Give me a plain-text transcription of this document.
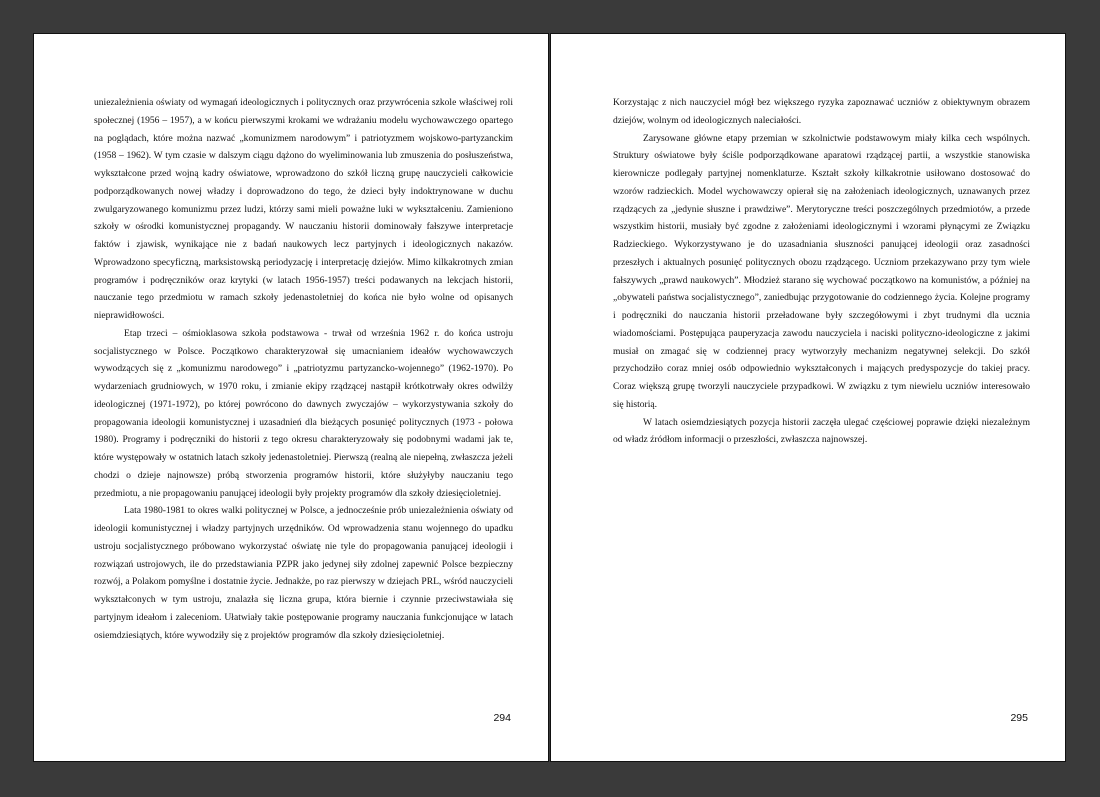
uniezależnienia oświaty od wymagań ideologicznych i politycznych oraz przywrócenia szkole właściwej roli społecznej (1956 – 1957), a w końcu pierwszymi krokami we wdrażaniu modelu wychowawczego opartego na poglądach, które można nazwać „komunizmem narodowym” i patriotyzmem wojskowo-partyzanckim (1958 – 1962). W tym czasie w dalszym ciągu dążono do wyeliminowania lub zmuszenia do posłuszeństwa, wykształcone przed wojną kadry oświatowe, wprowadzono do szkół liczną grupę nauczycieli całkowicie podporządkowanych nowej władzy i doprowadzono do tego, że dzieci były indoktrynowane w duchu zwulgaryzowanego komunizmu przez ludzi, którzy sami mieli poważne luki w wykształceniu. Zamieniono szkoły w ośrodki komunistycznej propagandy. W nauczaniu historii dominowały fałszywe interpretacje faktów i zjawisk, wynikające nie z badań naukowych lecz partyjnych i ideologicznych nakazów. Wprowadzono specyficzną, marksistowską periodyzację i interpretację dziejów. Mimo kilkakrotnych zmian programów i podręczników oraz krytyki (w latach 1956-1957) treści podawanych na lekcjach historii, nauczanie tego przedmiotu w ramach szkoły jedenastoletniej do końca nie było wolne od opisanych nieprawidłowości.

Etap trzeci – ośmioklasowa szkoła podstawowa - trwał od września 1962 r. do końca ustroju socjalistycznego w Polsce. Początkowo charakteryzował się umacnianiem ideałów wychowawczych wywodzących się z „komunizmu narodowego” i „patriotyzmu partyzancko-wojennego” (1962-1970). Po wydarzeniach grudniowych, w 1970 roku, i zmianie ekipy rządzącej nastąpił krótkotrwały okres odwilży ideologicznej (1971-1972), po której powrócono do dawnych zwyczajów – wykorzystywania szkoły do propagowania ideologii komunistycznej i uzasadnień dla bieżących posunięć politycznych (1973 - połowa 1980). Programy i podręczniki do historii z tego okresu charakteryzowały się podobnymi wadami jak te, które występowały w ostatnich latach szkoły jedenastoletniej. Pierwszą (realną ale niepełną, zwłaszcza jeżeli chodzi o dzieje najnowsze) próbą stworzenia programów historii, które służyłyby nauczaniu tego przedmiotu, a nie propagowaniu panującej ideologii były projekty programów dla szkoły dziesięcioletniej.

Lata 1980-1981 to okres walki politycznej w Polsce, a jednocześnie prób uniezależnienia oświaty od ideologii komunistycznej i władzy partyjnych urzędników. Od wprowadzenia stanu wojennego do upadku ustroju socjalistycznego próbowano wykorzystać oświatę nie tyle do propagowania panującej ideologii i rozwiązań ustrojowych, ile do przedstawiania PZPR jako jedynej siły zdolnej zapewnić Polsce bezpieczny rozwój, a Polakom pomyślne i dostatnie życie. Jednakże, po raz pierwszy w dziejach PRL, wśród nauczycieli wykształconych w tym ustroju, znalazła się liczna grupa, która biernie i czynnie przeciwstawiała się partyjnym ideałom i zaleceniom. Ułatwiały takie postępowanie programy nauczania funkcjonujące w latach osiemdziesiątych, które wywodziły się z projektów programów dla szkoły dziesięcioletniej.

294

Korzystając z nich nauczyciel mógł bez większego ryzyka zapoznawać uczniów z obiektywnym obrazem dziejów, wolnym od ideologicznych naleciałości.

Zarysowane główne etapy przemian w szkolnictwie podstawowym miały kilka cech wspólnych. Struktury oświatowe były ściśle podporządkowane aparatowi rządzącej partii, a wszystkie stanowiska kierownicze podlegały partyjnej nomenklaturze. Kształt szkoły kilkakrotnie usiłowano dostosować do wzorów radzieckich. Model wychowawczy opierał się na założeniach ideologicznych, uznawanych przez rządzących za „jedynie słuszne i prawdziwe”. Merytoryczne treści poszczególnych przedmiotów, a przede wszystkim historii, musiały być zgodne z założeniami ideologicznymi i wzorami płynącymi ze Związku Radzieckiego. Wykorzystywano je do uzasadniania słuszności panującej ideologii oraz zasadności przeszłych i aktualnych posunięć politycznych obozu rządzącego. Uczniom przekazywano przy tym wiele fałszywych „prawd naukowych”. Młodzież starano się wychować początkowo na komunistów, a później na „obywateli państwa socjalistycznego”, zaniedbując przygotowanie do codziennego życia. Kolejne programy i podręczniki do nauczania historii przeładowane były szczegółowymi i zbyt trudnymi dla ucznia wiadomościami. Postępująca pauperyzacja zawodu nauczyciela i naciski polityczno-ideologiczne z jakimi musiał on zmagać się w codziennej pracy wytworzyły mechanizm negatywnej selekcji. Do szkół przychodziło coraz mniej osób odpowiednio wykształconych i mających predyspozycje do takiej pracy. Coraz większą grupę tworzyli nauczyciele przypadkowi. W związku z tym niewielu uczniów interesowało się historią.

W latach osiemdziesiątych pozycja historii zaczęła ulegać częściowej poprawie dzięki niezależnym od władz źródłom informacji o przeszłości, zwłaszcza najnowszej.

295
